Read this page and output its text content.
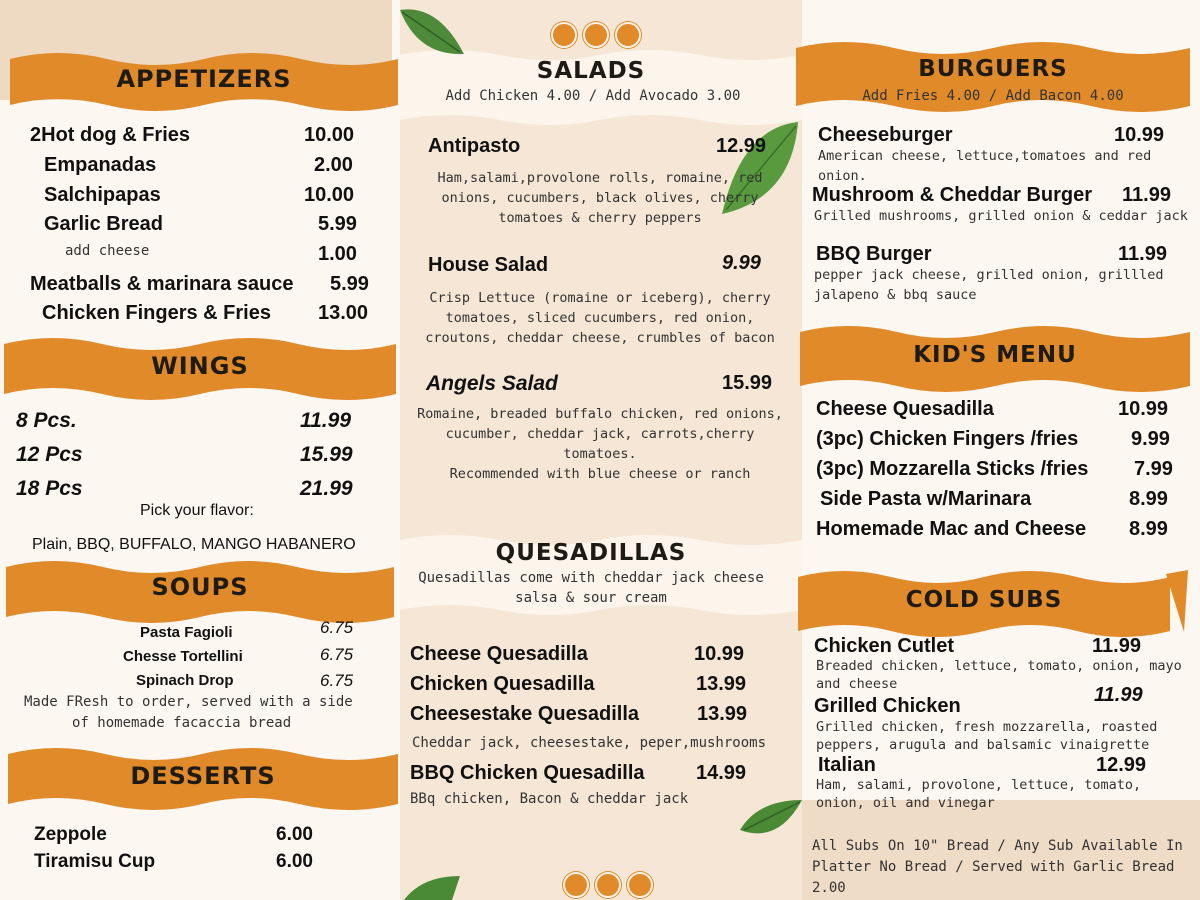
APPETIZERS
2Hot dog & Fries	10.00
Empanadas	2.00
Salchipapas	10.00
Garlic Bread	5.99
add cheese	1.00
Meatballs & marinara sauce 5.99
Chicken Fingers & Fries 13.00
WINGS
8 Pcs.	11.99
12 Pcs	15.99
18 Pcs	21.99
Pick your flavor:
Plain, BBQ, BUFFALO, MANGO HABANERO
SOUPS
Pasta Fagioli	6.75
Chesse Tortellini	6.75
Spinach Drop	6.75
Made FResh to order, served with a side
of homemade facaccia bread
DESSERTS
Zeppole	6.00
Tiramisu Cup	6.00
SALADS
Add Chicken 4.00 / Add Avocado 3.00
Antipasto	12.99
Ham,salami,provolone rolls, romaine, red
onions, cucumbers, black olives, cherry
tomatoes & cherry peppers
House Salad	9.99
Crisp Lettuce (romaine or iceberg), cherry
tomatoes, sliced cucumbers, red onion,
croutons, cheddar cheese, crumbles of bacon
Angels Salad	15.99
Romaine, breaded buffalo chicken, red onions,
cucumber, cheddar jack, carrots,cherry
tomatoes.
Recommended with blue cheese or ranch
QUESADILLAS
Quesadillas come with cheddar jack cheese
salsa & sour cream
Cheese Quesadilla	10.99
Chicken Quesadilla	13.99
Cheesestake Quesadilla	13.99
Cheddar jack, cheesestake, peper,mushrooms
BBQ Chicken Quesadilla	14.99
BBq chicken, Bacon & cheddar jack
BURGUERS
Add Fries 4.00 / Add Bacon 4.00
Cheeseburger	10.99
American cheese, lettuce,tomatoes and red
onion.
Mushroom & Cheddar Burger 11.99
Grilled mushrooms, grilled onion & ceddar jack
BBQ Burger	11.99
pepper jack cheese, grilled onion, grillled
jalapeno & bbq sauce
KID'S MENU
Cheese Quesadilla	10.99
(3pc) Chicken Fingers /fries	9.99
(3pc) Mozzarella Sticks /fries 7.99
Side Pasta w/Marinara	8.99
Homemade Mac and Cheese 8.99
COLD SUBS
Chicken Cutlet	11.99
Breaded chicken, lettuce, tomato, onion, mayo
and cheese
Grilled Chicken	11.99
Grilled chicken, fresh mozzarella, roasted
peppers, arugula and balsamic vinaigrette
Italian	12.99
Ham, salami, provolone, lettuce, tomato,
onion, oil and vinegar
All Subs On 10" Bread / Any Sub Available In
Platter No Bread / Served with Garlic Bread
2.00
